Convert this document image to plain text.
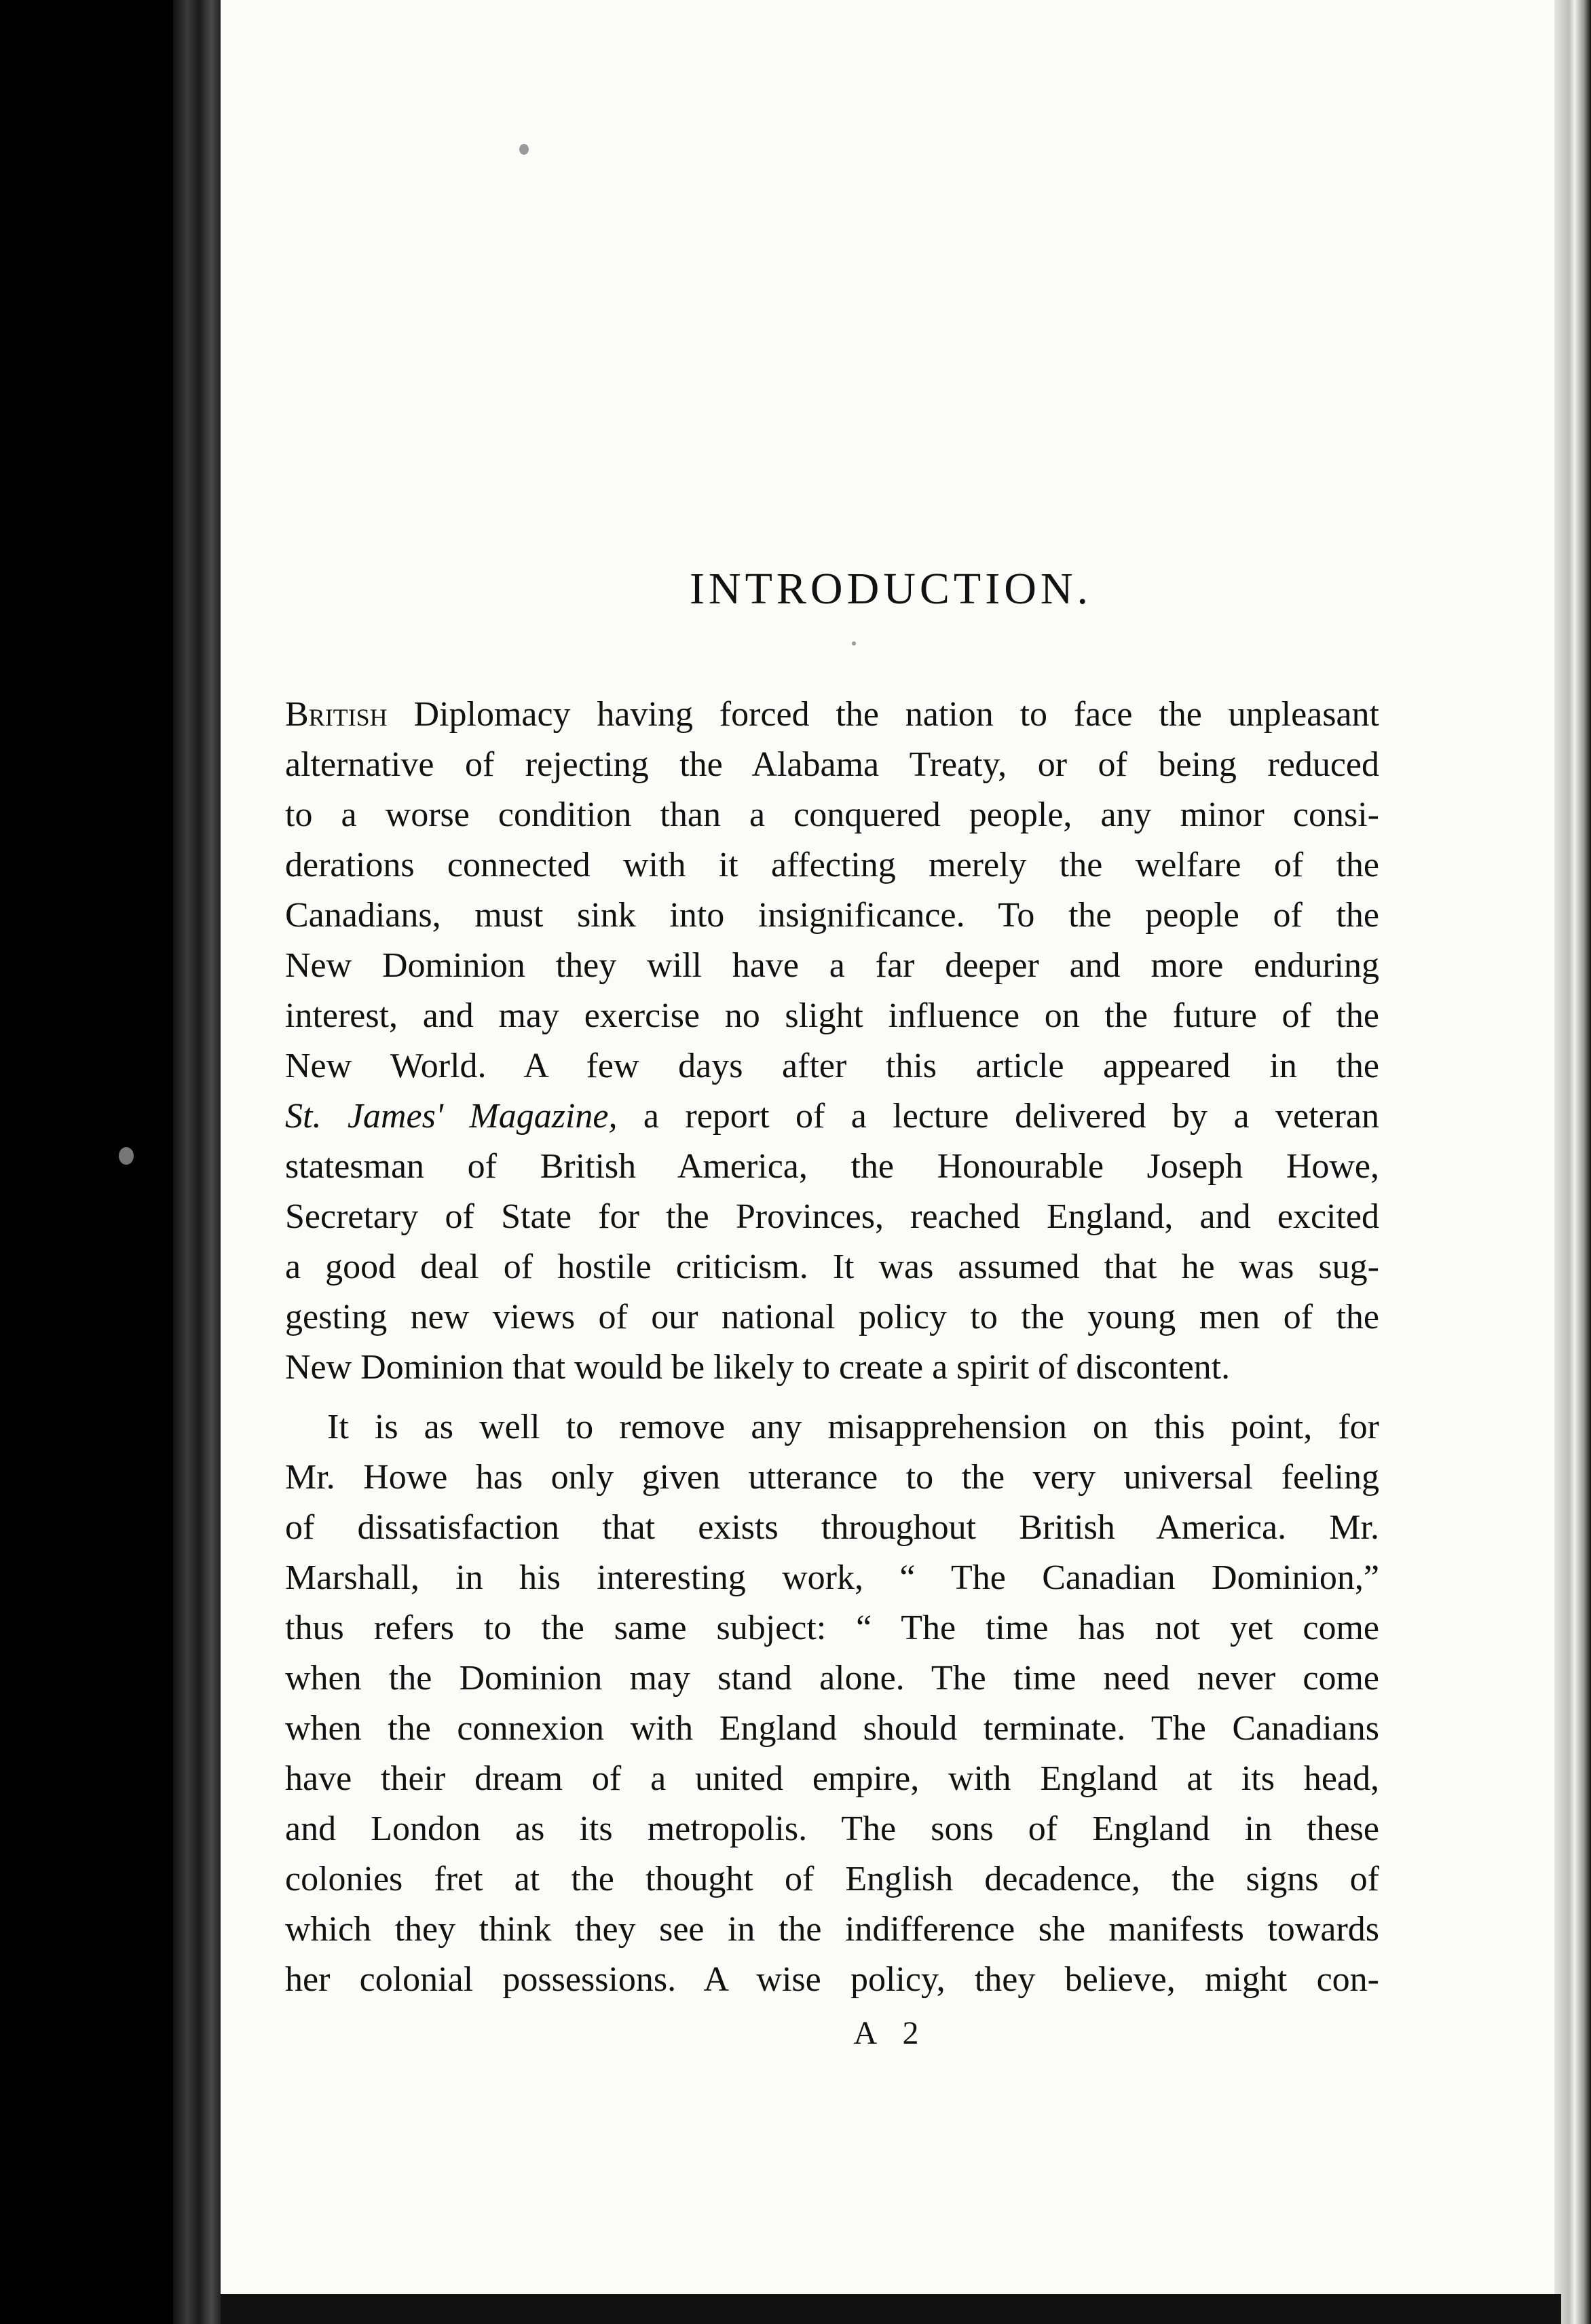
INTRODUCTION.
British Diplomacy having forced the nation to face the unpleasant
alternative of rejecting the Alabama Treaty, or of being reduced
to a worse condition than a conquered people, any minor consi-
derations connected with it affecting merely the welfare of the
Canadians, must sink into insignificance. To the people of the
New Dominion they will have a far deeper and more enduring
interest, and may exercise no slight influence on the future of the
New World. A few days after this article appeared in the
St. James' Magazine, a report of a lecture delivered by a veteran
statesman of British America, the Honourable Joseph Howe,
Secretary of State for the Provinces, reached England, and excited
a good deal of hostile criticism. It was assumed that he was sug-
gesting new views of our national policy to the young men of the
New Dominion that would be likely to create a spirit of discontent.
It is as well to remove any misapprehension on this point, for
Mr. Howe has only given utterance to the very universal feeling
of dissatisfaction that exists throughout British America. Mr.
Marshall, in his interesting work, “ The Canadian Dominion,”
thus refers to the same subject: “ The time has not yet come
when the Dominion may stand alone. The time need never come
when the connexion with England should terminate. The Canadians
have their dream of a united empire, with England at its head,
and London as its metropolis. The sons of England in these
colonies fret at the thought of English decadence, the signs of
which they think they see in the indifference she manifests towards
her colonial possessions. A wise policy, they believe, might con-
A 2
